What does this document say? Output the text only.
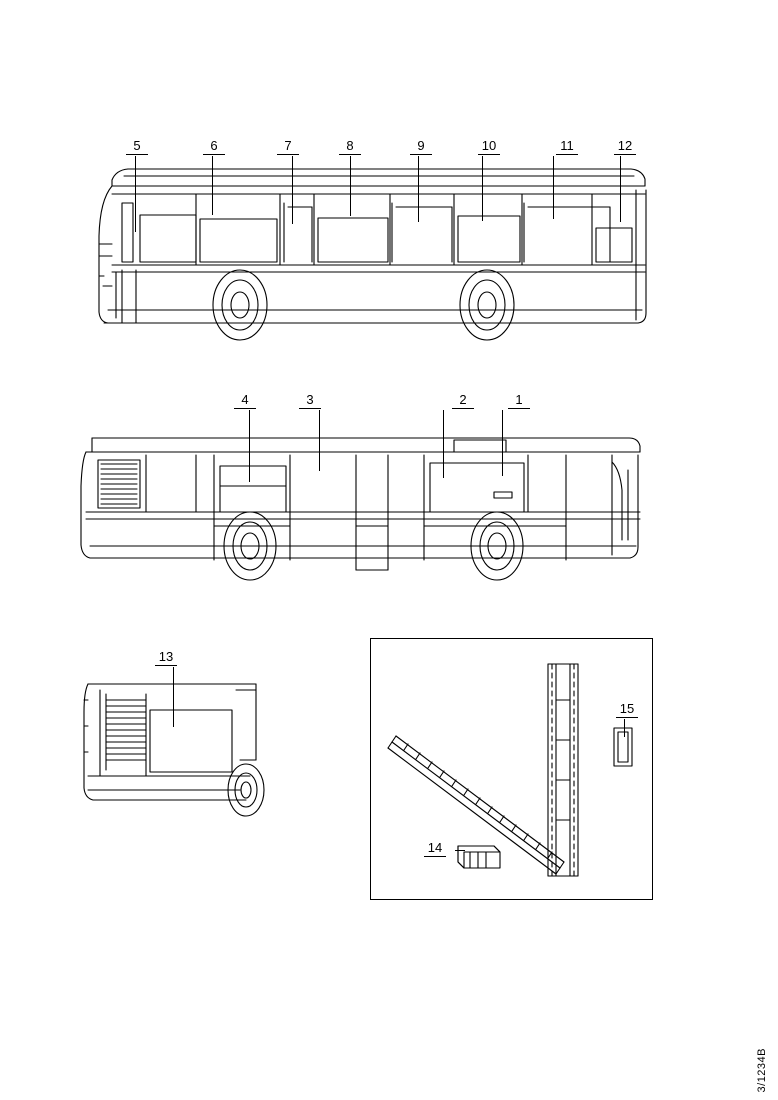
5	6	7	8	9	10	11	12
4	3	2	1
13
15
14
3/1234B
